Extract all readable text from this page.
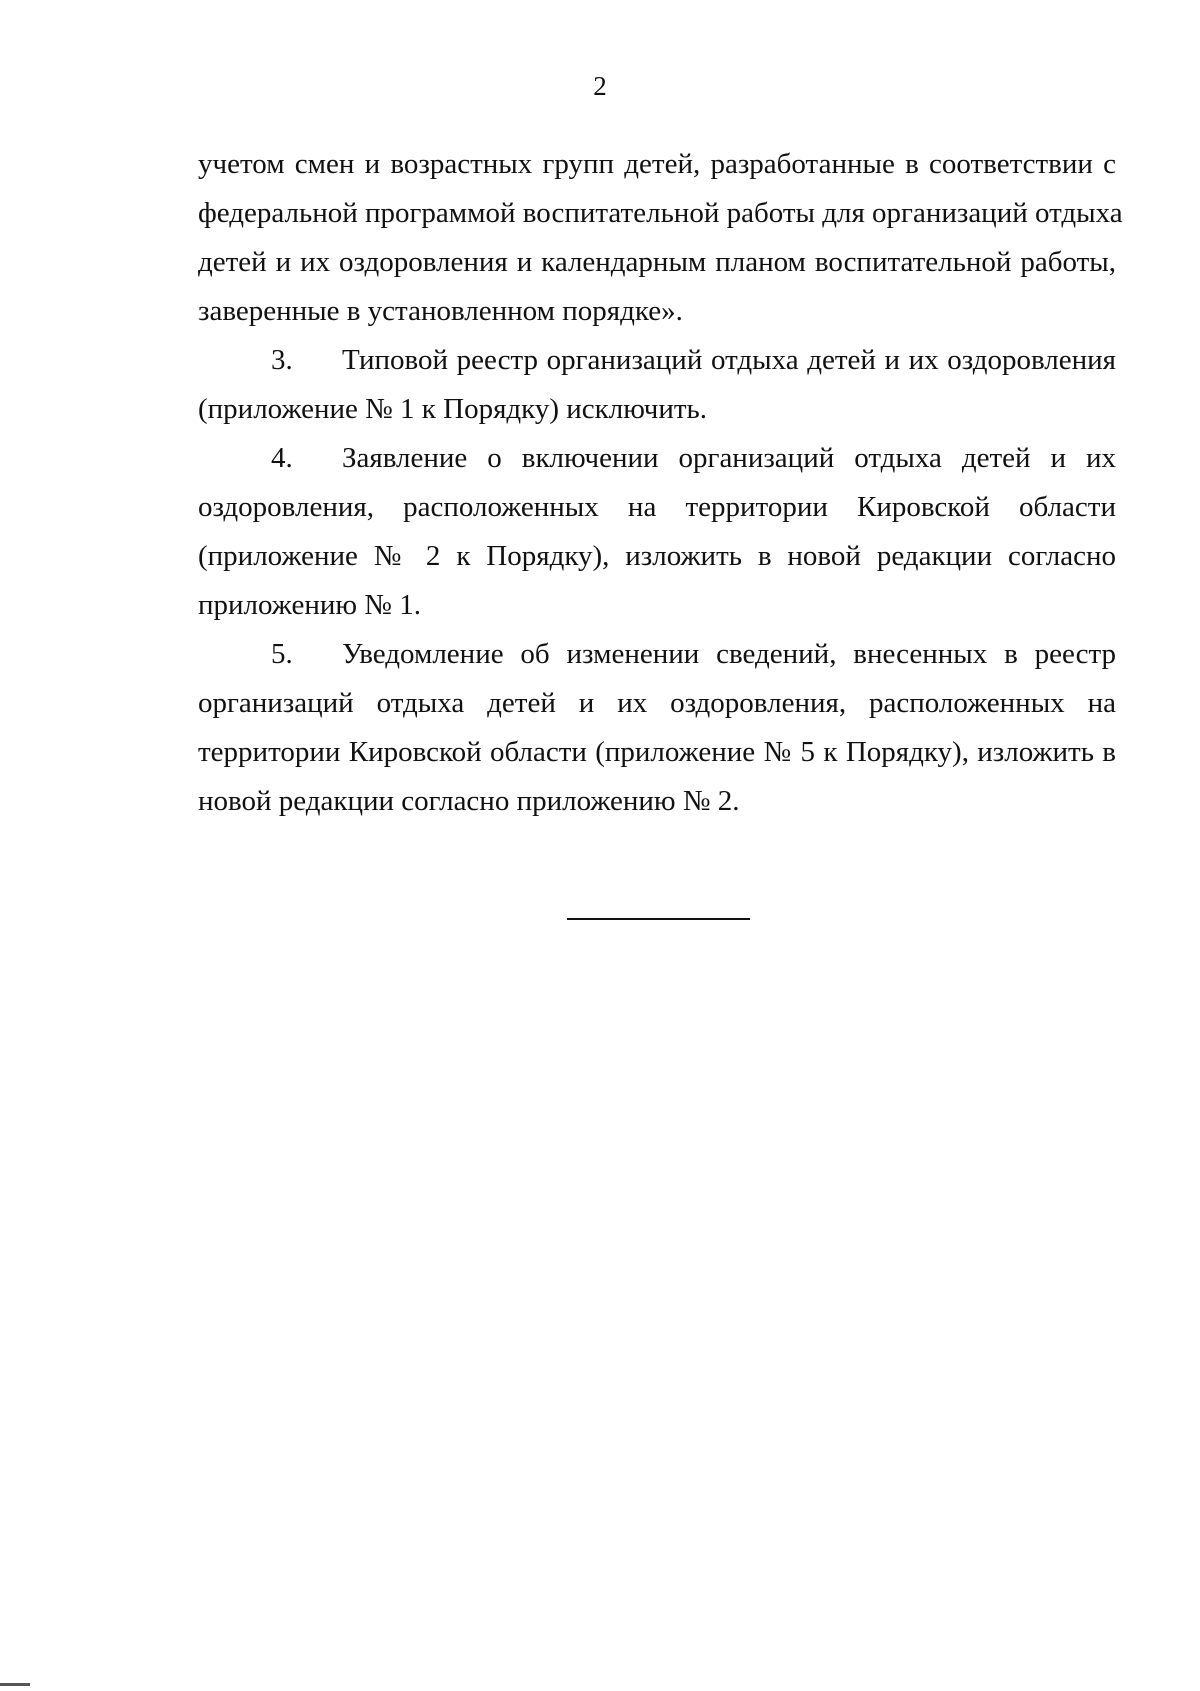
2
учетом смен и возрастных групп детей, разработанные в соответствии с
федеральной программой воспитательной работы для организаций отдыха
детей и их оздоровления и календарным планом воспитательной работы,
заверенные в установленном порядке».
3. Типовой реестр организаций отдыха детей и их оздоровления
(приложение № 1 к Порядку) исключить.
4. Заявление о включении организаций отдыха детей и их
оздоровления, расположенных на территории Кировской области
(приложение № 2 к Порядку), изложить в новой редакции согласно
приложению № 1.
5. Уведомление об изменении сведений, внесенных в реестр
организаций отдыха детей и их оздоровления, расположенных на
территории Кировской области (приложение № 5 к Порядку), изложить в
новой редакции согласно приложению № 2.
